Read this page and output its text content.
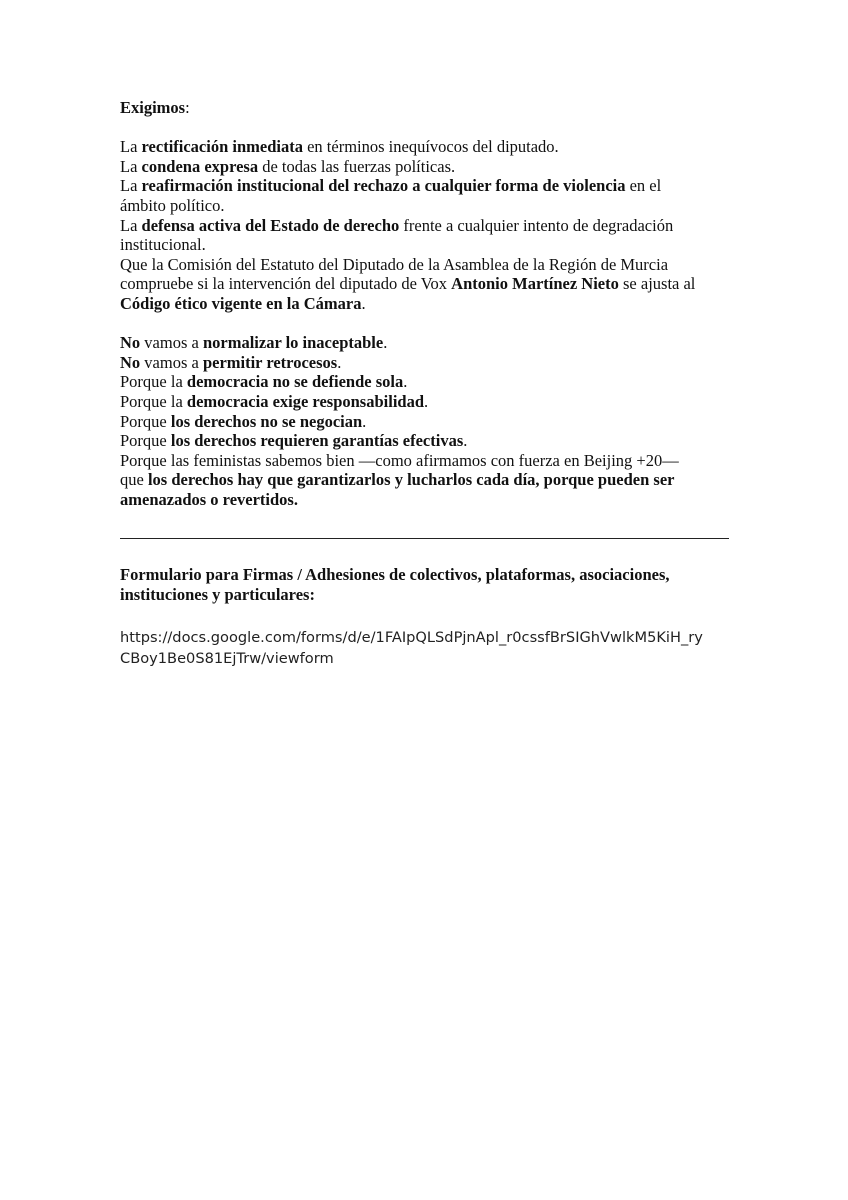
Exigimos:

La rectificación inmediata en términos inequívocos del diputado.
La condena expresa de todas las fuerzas políticas.
La reafirmación institucional del rechazo a cualquier forma de violencia en el
ámbito político.
La defensa activa del Estado de derecho frente a cualquier intento de degradación
institucional.
Que la Comisión del Estatuto del Diputado de la Asamblea de la Región de Murcia
compruebe si la intervención del diputado de Vox Antonio Martínez Nieto se ajusta al
Código ético vigente en la Cámara.
No vamos a normalizar lo inaceptable.
No vamos a permitir retrocesos.
Porque la democracia no se defiende sola.
Porque la democracia exige responsabilidad.
Porque los derechos no se negocian.
Porque los derechos requieren garantías efectivas.
Porque las feministas sabemos bien —como afirmamos con fuerza en Beijing +20—
que los derechos hay que garantizarlos y lucharlos cada día, porque pueden ser
amenazados o revertidos.
Formulario para Firmas / Adhesiones de colectivos, plataformas, asociaciones,
instituciones y particulares:
https://docs.google.com/forms/d/e/1FAIpQLSdPjnApl_r0cssfBrSIGhVwlkM5KiH_ry
CBoy1Be0S81EjTrw/viewform
